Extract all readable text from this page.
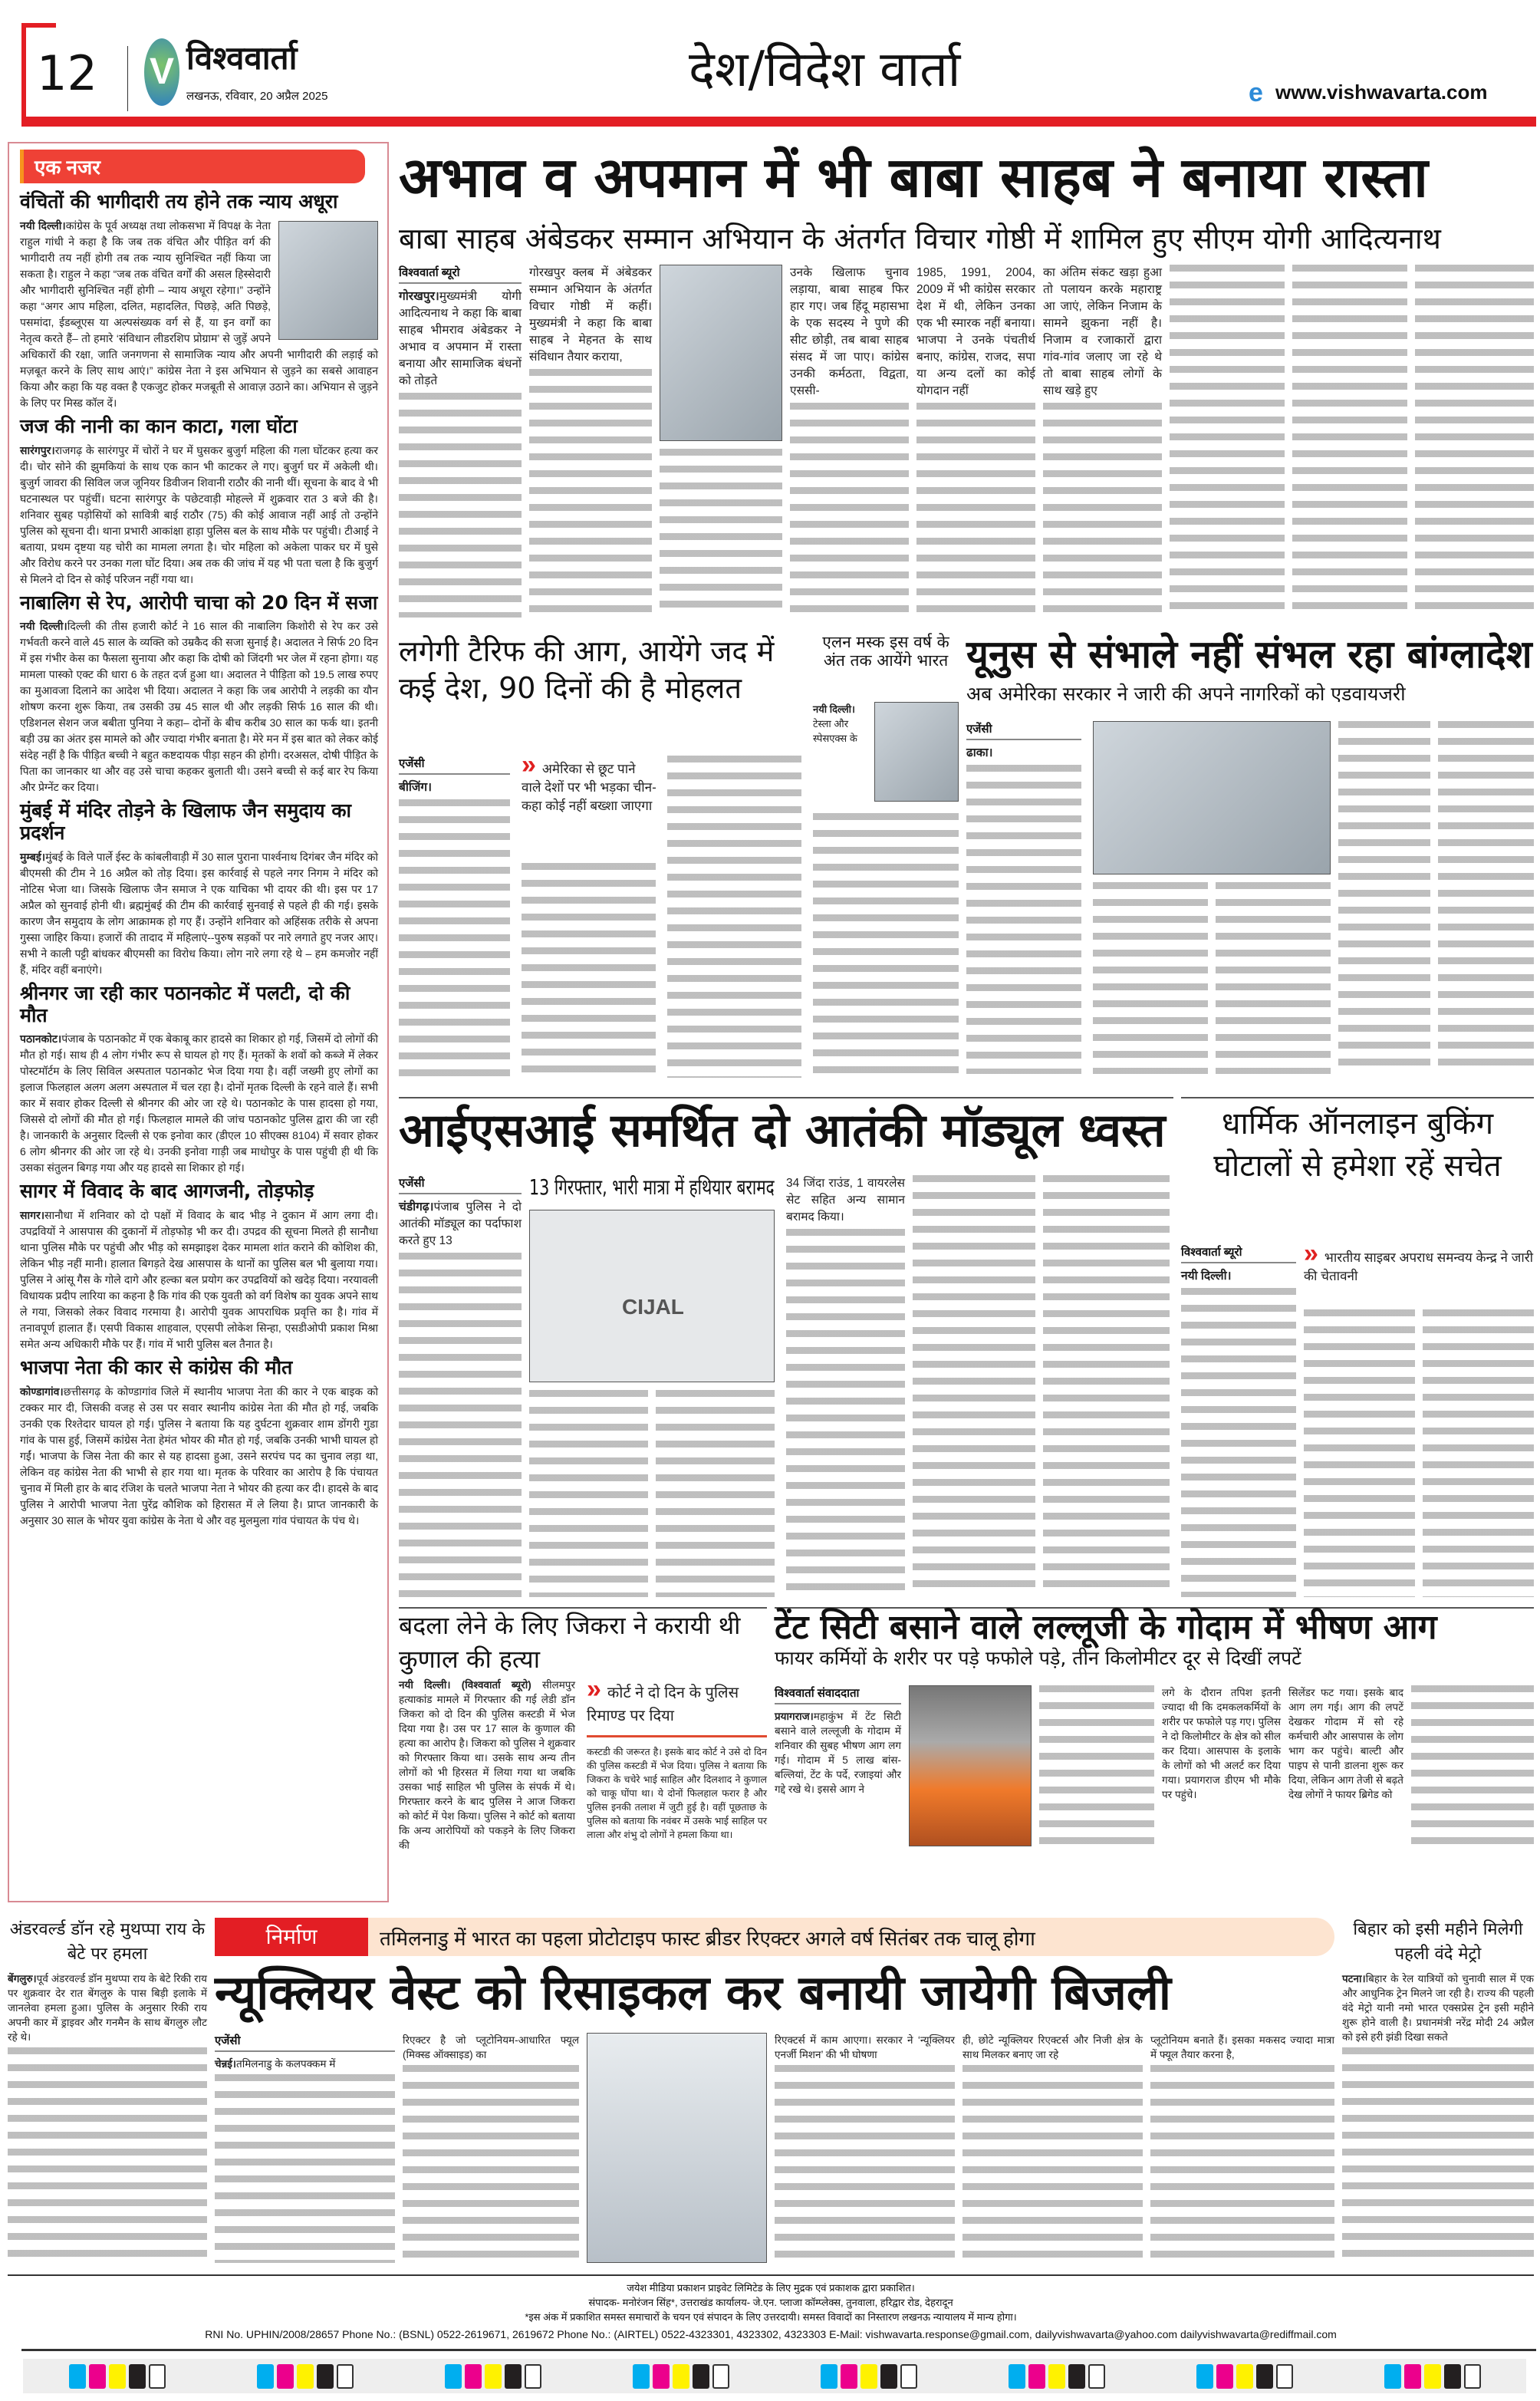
12 V विश्ववार्ता
लखनऊ, रविवार, 20 अप्रैल 2025	देश/विदेश वार्ता	www.vishwavarta.com
e
एक नजर
वंचितों की भागीदारी तय होने तक न्याय अधूरा

नयी दिल्ली।कांग्रेस के पूर्व अध्यक्ष तथा लोकसभा में विपक्ष के नेता राहुल गांधी ने कहा है कि जब तक वंचित और पीड़ित वर्ग की भागीदारी तय नहीं होगी तब तक न्याय सुनिश्चित नहीं किया जा सकता है। राहुल ने कहा “जब तक वंचित वर्गों की असल हिस्सेदारी और भागीदारी सुनिश्चित नहीं होगी – न्याय अधूरा रहेगा।” उन्होंने कहा “अगर आप महिला, दलित, महादलित, पिछड़े, अति पिछड़े, पसमांदा, ईडब्लूएस या अल्पसंख्यक वर्ग से हैं, या इन वर्गों का नेतृत्व करते हैं– तो हमारे ‘संविधान लीडरशिप प्रोग्राम’ से जुड़ें अपने अधिकारों की रक्षा, जाति जनगणना से सामाजिक न्याय और अपनी भागीदारी की लड़ाई को मज़बूत करने के लिए साथ आएं।” कांग्रेस नेता ने इस अभियान से जुड़ने का सबसे आवाहन किया और कहा कि यह वक्त है एकजुट होकर मजबूती से आवाज़ उठाने का। अभियान से जुड़ने के लिए पर मिस्ड कॉल दें।

जज की नानी का कान काटा, गला घोंटा

सारंगपुर।राजगढ़ के सारंगपुर में चोरों ने घर में घुसकर बुजुर्ग महिला की गला घोंटकर हत्या कर दी। चोर सोने की झुमकियां के साथ एक कान भी काटकर ले गए। बुजुर्ग घर में अकेली थी। बुजुर्ग जावरा की सिविल जज जूनियर डिवीजन शिवानी राठौर की नानी थीं। सूचना के बाद वे भी घटनास्थल पर पहुंचीं। घटना सारंगपुर के पछेटवाड़ी मोहल्ले में शुक्रवार रात 3 बजे की है। शनिवार सुबह पड़ोसियों को सावित्री बाई राठौर (75) की कोई आवाज नहीं आई तो उन्होंने पुलिस को सूचना दी। थाना प्रभारी आकांक्षा हाड़ा पुलिस बल के साथ मौके पर पहुंची। टीआई ने बताया, प्रथम दृष्टया यह चोरी का मामला लगता है। चोर महिला को अकेला पाकर घर में घुसे और विरोध करने पर उनका गला घोंट दिया। अब तक की जांच में यह भी पता चला है कि बुजुर्ग से मिलने दो दिन से कोई परिजन नहीं गया था।

नाबालिग से रेप, आरोपी चाचा को 20 दिन में सजा

नयी दिल्ली।दिल्ली की तीस हजारी कोर्ट ने 16 साल की नाबालिग किशोरी से रेप कर उसे गर्भवती करने वाले 45 साल के व्यक्ति को उम्रकैद की सजा सुनाई है। अदालत ने सिर्फ 20 दिन में इस गंभीर केस का फैसला सुनाया और कहा कि दोषी को जिंदगी भर जेल में रहना होगा। यह मामला पास्को एक्ट की धारा 6 के तहत दर्ज हुआ था। अदालत ने पीड़िता को 19.5 लाख रुपए का मुआवजा दिलाने का आदेश भी दिया। अदालत ने कहा कि जब आरोपी ने लड़की का यौन शोषण करना शुरू किया, तब उसकी उम्र 45 साल थी और लड़की सिर्फ 16 साल की थी। एडिशनल सेशन जज बबीता पुनिया ने कहा– दोनों के बीच करीब 30 साल का फर्क था। इतनी बड़ी उम्र का अंतर इस मामले को और ज्यादा गंभीर बनाता है। मेरे मन में इस बात को लेकर कोई संदेह नहीं है कि पीड़ित बच्ची ने बहुत कष्टदायक पीड़ा सहन की होगी। दरअसल, दोषी पीड़ित के पिता का जानकार था और वह उसे चाचा कहकर बुलाती थी। उसने बच्ची से कई बार रेप किया और प्रेग्नेंट कर दिया।

मुंबई में मंदिर तोड़ने के खिलाफ जैन समुदाय का प्रदर्शन

मुम्बई।मुंबई के विले पार्ले ईस्ट के कांबलीवाड़ी में 30 साल पुराना पार्श्वनाथ दिगंबर जैन मंदिर को बीएमसी की टीम ने 16 अप्रैल को तोड़ दिया। इस कार्रवाई से पहले नगर निगम ने मंदिर को नोटिस भेजा था। जिसके खिलाफ जैन समाज ने एक याचिका भी दायर की थी। इस पर 17 अप्रैल को सुनवाई होनी थी। ब्रह्ममुंबई की टीम की कार्रवाई सुनवाई से पहले ही की गई। इसके कारण जैन समुदाय के लोग आक्रामक हो गए हैं। उन्होंने शनिवार को अहिंसक तरीके से अपना गुस्सा जाहिर किया। हजारों की तादाद में महिलाएं--पुरुष सड़कों पर नारे लगाते हुए नजर आए। सभी ने काली पट्टी बांधकर बीएमसी का विरोध किया। लोग नारे लगा रहे थे – हम कमजोर नहीं हैं, मंदिर वहीं बनाएंगे।

श्रीनगर जा रही कार पठानकोट में पलटी, दो की मौत

पठानकोट।पंजाब के पठानकोट में एक बेकाबू कार हादसे का शिकार हो गई, जिसमें दो लोगों की मौत हो गई। साथ ही 4 लोग गंभीर रूप से घायल हो गए हैं। मृतकों के शवों को कब्जे में लेकर पोस्टमॉर्टम के लिए सिविल अस्पताल पठानकोट भेज दिया गया है। वहीं जख्मी हुए लोगों का इलाज फिलहाल अलग अलग अस्पताल में चल रहा है। दोनों मृतक दिल्ली के रहने वाले हैं। सभी कार में सवार होकर दिल्ली से श्रीनगर की ओर जा रहे थे। पठानकोट के पास हादसा हो गया, जिससे दो लोगों की मौत हो गई। फिलहाल मामले की जांच पठानकोट पुलिस द्वारा की जा रही है। जानकारी के अनुसार दिल्ली से एक इनोवा कार (डीएल 10 सीएक्स 8104) में सवार होकर 6 लोग श्रीनगर की ओर जा रहे थे। उनकी इनोवा गाड़ी जब माधोपुर के पास पहुंची ही थी कि उसका संतुलन बिगड़ गया और यह हादसे सा शिकार हो गई।

सागर में विवाद के बाद आगजनी, तोड़फोड़

सागर।सानौधा में शनिवार को दो पक्षों में विवाद के बाद भीड़ ने दुकान में आग लगा दी। उपद्रवियों ने आसपास की दुकानों में तोड़फोड़ भी कर दी। उपद्रव की सूचना मिलते ही सानौधा थाना पुलिस मौके पर पहुंची और भीड़ को समझाइश देकर मामला शांत कराने की कोशिश की, लेकिन भीड़ नहीं मानी। हालात बिगड़ते देख आसपास के थानों का पुलिस बल भी बुलाया गया। पुलिस ने आंसू गैस के गोले दागे और हल्का बल प्रयोग कर उपद्रवियों को खदेड़ दिया। नरयावली विधायक प्रदीप लारिया का कहना है कि गांव की एक युवती को वर्ग विशेष का युवक अपने साथ ले गया, जिसको लेकर विवाद गरमाया है। आरोपी युवक आपराधिक प्रवृत्ति का है। गांव में तनावपूर्ण हालात हैं। एसपी विकास शाहवाल, एएसपी लोकेश सिन्हा, एसडीओपी प्रकाश मिश्रा समेत अन्य अधिकारी मौके पर हैं। गांव में भारी पुलिस बल तैनात है।

भाजपा नेता की कार से कांग्रेस की मौत

कोण्डागांव।छत्तीसगढ़ के कोण्डागांव जिले में स्थानीय भाजपा नेता की कार ने एक बाइक को टक्कर मार दी, जिसकी वजह से उस पर सवार स्थानीय कांग्रेस नेता की मौत हो गई, जबकि उनकी एक रिश्तेदार घायल हो गई। पुलिस ने बताया कि यह दुर्घटना शुक्रवार शाम डोंगरी गुडा गांव के पास हुई, जिसमें कांग्रेस नेता हेमंत भोयर की मौत हो गई, जबकि उनकी भाभी घायल हो गईं। भाजपा के जिस नेता की कार से यह हादसा हुआ, उसने सरपंच पद का चुनाव लड़ा था, लेकिन वह कांग्रेस नेता की भाभी से हार गया था। मृतक के परिवार का आरोप है कि पंचायत चुनाव में मिली हार के बाद रंजिश के चलते भाजपा नेता ने भोयर की हत्या कर दी। हादसे के बाद पुलिस ने आरोपी भाजपा नेता पुरेंद्र कौशिक को हिरासत में ले लिया है। प्राप्त जानकारी के अनुसार 30 साल के भोयर युवा कांग्रेस के नेता थे और वह मुलमुला गांव पंचायत के पंच थे।

अभाव व अपमान में भी बाबा साहब ने बनाया रास्ता
बाबा साहब अंबेडकर सम्मान अभियान के अंतर्गत विचार गोष्ठी में शामिल हुए सीएम योगी आदित्यनाथ
विश्ववार्ता ब्यूरो

गोरखपुर।मुख्यमंत्री योगी आदित्यनाथ ने कहा कि बाबा साहब भीमराव अंबेडकर ने अभाव व अपमान में रास्ता बनाया और सामाजिक बंधनों को तोड़ते

गोरखपुर क्लब में अंबेडकर सम्मान अभियान के अंतर्गत विचार गोष्ठी में कहीं। मुख्यमंत्री ने कहा कि बाबा साहब ने मेहनत के साथ संविधान तैयार कराया,

उनके खिलाफ चुनाव लड़ाया, बाबा साहब फिर हार गए। जब हिंदू महासभा के एक सदस्य ने पुणे की सीट छोड़ी, तब बाबा साहब संसद में जा पाए। कांग्रेस उनकी कर्मठता, विद्वता, एससी-

1985, 1991, 2004, 2009 में भी कांग्रेस सरकार देश में थी, लेकिन उनका एक भी स्मारक नहीं बनाया। भाजपा ने उनके पंचतीर्थ बनाए, कांग्रेस, राजद, सपा या अन्य दलों का कोई योगदान नहीं

का अंतिम संकट खड़ा हुआ तो पलायन करके महाराष्ट्र आ जाएं, लेकिन निजाम के सामने झुकना नहीं है। निजाम व रजाकारों द्वारा गांव-गांव जलाए जा रहे थे तो बाबा साहब लोगों के साथ खड़े हुए

लगेगी टैरिफ की आग, आयेंगे जद में कई देश, 90 दिनों की है मोहलत
एजेंसी

बीजिंग।

» अमेरिका से छूट पाने वाले देशों पर भी भड़का चीन- कहा कोई नहीं बख्शा जाएगा
एलन मस्क इस वर्ष के अंत तक आयेंगे भारत

नयी दिल्ली। टेस्ला और स्पेसएक्स के

यूनुस से संभाले नहीं संभल रहा बांग्लादेश
अब अमेरिका सरकार ने जारी की अपने नागरिकों को एडवायजरी
एजेंसी

ढाका।

आईएसआई समर्थित दो आतंकी मॉड्यूल ध्वस्त
एजेंसी

चंडीगढ़।पंजाब पुलिस ने दो आतंकी मॉड्यूल का पर्दाफाश करते हुए 13

13 गिरफ्तार, भारी मात्रा में हथियार बरामद
CIJAL

34 जिंदा राउंड, 1 वायरलेस सेट सहित अन्य सामान बरामद किया।

धार्मिक ऑनलाइन बुकिंग घोटालों से हमेशा रहें सचेत
विश्ववार्ता ब्यूरो

नयी दिल्ली।

» भारतीय साइबर अपराध समन्वय केन्द्र ने जारी की चेतावनी
बदला लेने के लिए जिकरा ने करायी थी कुणाल की हत्या

नयी दिल्ली। (विश्ववार्ता ब्यूरो) सीलमपुर हत्याकांड मामले में गिरफ्तार की गई लेडी डॉन जिकरा को दो दिन की पुलिस कस्टडी में भेज दिया गया है। उस पर 17 साल के कुणाल की हत्या का आरोप है। जिकरा को पुलिस ने शुक्रवार को गिरफ्तार किया था। उसके साथ अन्य तीन लोगों को भी हिरसत में लिया गया था जबकि उसका भाई साहिल भी पुलिस के संपर्क में थे। गिरफ्तार करने के बाद पुलिस ने आज जिकरा को कोर्ट में पेश किया। पुलिस ने कोर्ट को बताया कि अन्य आरोपियों को पकड़ने के लिए जिकरा की

» कोर्ट ने दो दिन के पुलिस रिमाण्ड पर दिया

कस्टडी की जरूरत है। इसके बाद कोर्ट ने उसे दो दिन की पुलिस कस्टडी में भेज दिया। पुलिस ने बताया कि जिकरा के चचेरे भाई साहिल और दिलशाद ने कुणाल को चाकू घोंपा था। ये दोनों फिलहाल फरार है और पुलिस इनकी तलाश में जुटी हुई है। वहीं पूछताछ के पुलिस को बताया कि नवंबर में उसके भाई साहिल पर लाला और शंभु दो लोगों ने हमला किया था।

टेंट सिटी बसाने वाले लल्लूजी के गोदाम में भीषण आग
फायर कर्मियों के शरीर पर पड़े फफोले पड़े, तीन किलोमीटर दूर से दिखीं लपटें
विश्ववार्ता संवाददाता

प्रयागराज।महाकुंभ में टेंट सिटी बसाने वाले लल्लूजी के गोदाम में शनिवार की सुबह भीषण आग लग गई। गोदाम में 5 लाख बांस-बल्लियां, टेंट के पर्दे, रजाइयां और गद्दे रखे थे। इससे आग ने

लगे के दौरान तपिश इतनी ज्यादा थी कि दमकलकर्मियों के शरीर पर फफोले पड़ गए। पुलिस ने दो किलोमीटर के क्षेत्र को सील कर दिया। आसपास के इलाके के लोगों को भी अलर्ट कर दिया गया। प्रयागराज डीएम भी मौके पर पहुंचे।

सिलेंडर फट गया। इसके बाद आग लग गई। आग की लपटें देखकर गोदाम में सो रहे कर्मचारी और आसपास के लोग भाग कर पहुंचे। बाल्टी और पाइप से पानी डालना शुरू कर दिया, लेकिन आग तेजी से बढ़ते देख लोगों ने फायर ब्रिगेड को

अंडरवर्ल्ड डॉन रहे मुथप्पा राय के बेटे पर हमला

बेंगलुरु।पूर्व अंडरवर्ल्ड डॉन मुथप्पा राय के बेटे रिकी राय पर शुक्रवार देर रात बेंगलुरु के पास बिड़ी इलाके में जानलेवा हमला हुआ। पुलिस के अनुसार रिकी राय अपनी कार में ड्राइवर और गनमैन के साथ बेंगलुरु लौट रहे थे।

निर्माण	तमिलनाडु में भारत का पहला प्रोटोटाइप फास्ट ब्रीडर रिएक्टर अगले वर्ष सितंबर तक चालू होगा
न्यूक्लियर वेस्ट को रिसाइकल कर बनायी जायेगी बिजली
एजेंसी

चेन्नई।तमिलनाडु के कलपक्कम में

रिएक्टर है जो प्लूटोनियम-आधारित फ्यूल (मिक्स्ड ऑक्साइड) का

रिएक्टर्स में काम आएगा। सरकार ने ‘न्यूक्लियर एनर्जी मिशन’ की भी घोषणा

ही, छोटे न्यूक्लियर रिएक्टर्स और निजी क्षेत्र के साथ मिलकर बनाए जा रहे

प्लूटोनियम बनाते हैं। इसका मकसद ज्यादा मात्रा में फ्यूल तैयार करना है,

बिहार को इसी महीने मिलेगी पहली वंदे मेट्रो

पटना।बिहार के रेल यात्रियों को चुनावी साल में एक और आधुनिक ट्रेन मिलने जा रही है। राज्य की पहली वंदे मेट्रो यानी नमो भारत एक्सप्रेस ट्रेन इसी महीने शुरू होने वाली है। प्रधानमंत्री नरेंद्र मोदी 24 अप्रैल को इसे हरी झंडी दिखा सकते

जयेश मीडिया प्रकाशन प्राइवेट लिमिटेड के लिए मुद्रक एवं प्रकाशक द्वारा प्रकाशित।
संपादक- मनोरंजन सिंह*, उत्तराखंड कार्यालय- जे.एन. प्लाजा कॉम्प्लेक्स, तुनवाला, हरिद्वार रोड, देहरादून
*इस अंक में प्रकाशित समस्त समाचारों के चयन एवं संपादन के लिए उत्तरदायी। समस्त विवादों का निस्तारण लखनऊ न्यायालय में मान्य होगा।
RNI No. UPHIN/2008/28657 Phone No.: (BSNL) 0522-2619671, 2619672 Phone No.: (AIRTEL) 0522-4323301, 4323302, 4323303 E-Mail: vishwavarta.response@gmail.com, dailyvishwavarta@yahoo.com dailyvishwavarta@rediffmail.com
